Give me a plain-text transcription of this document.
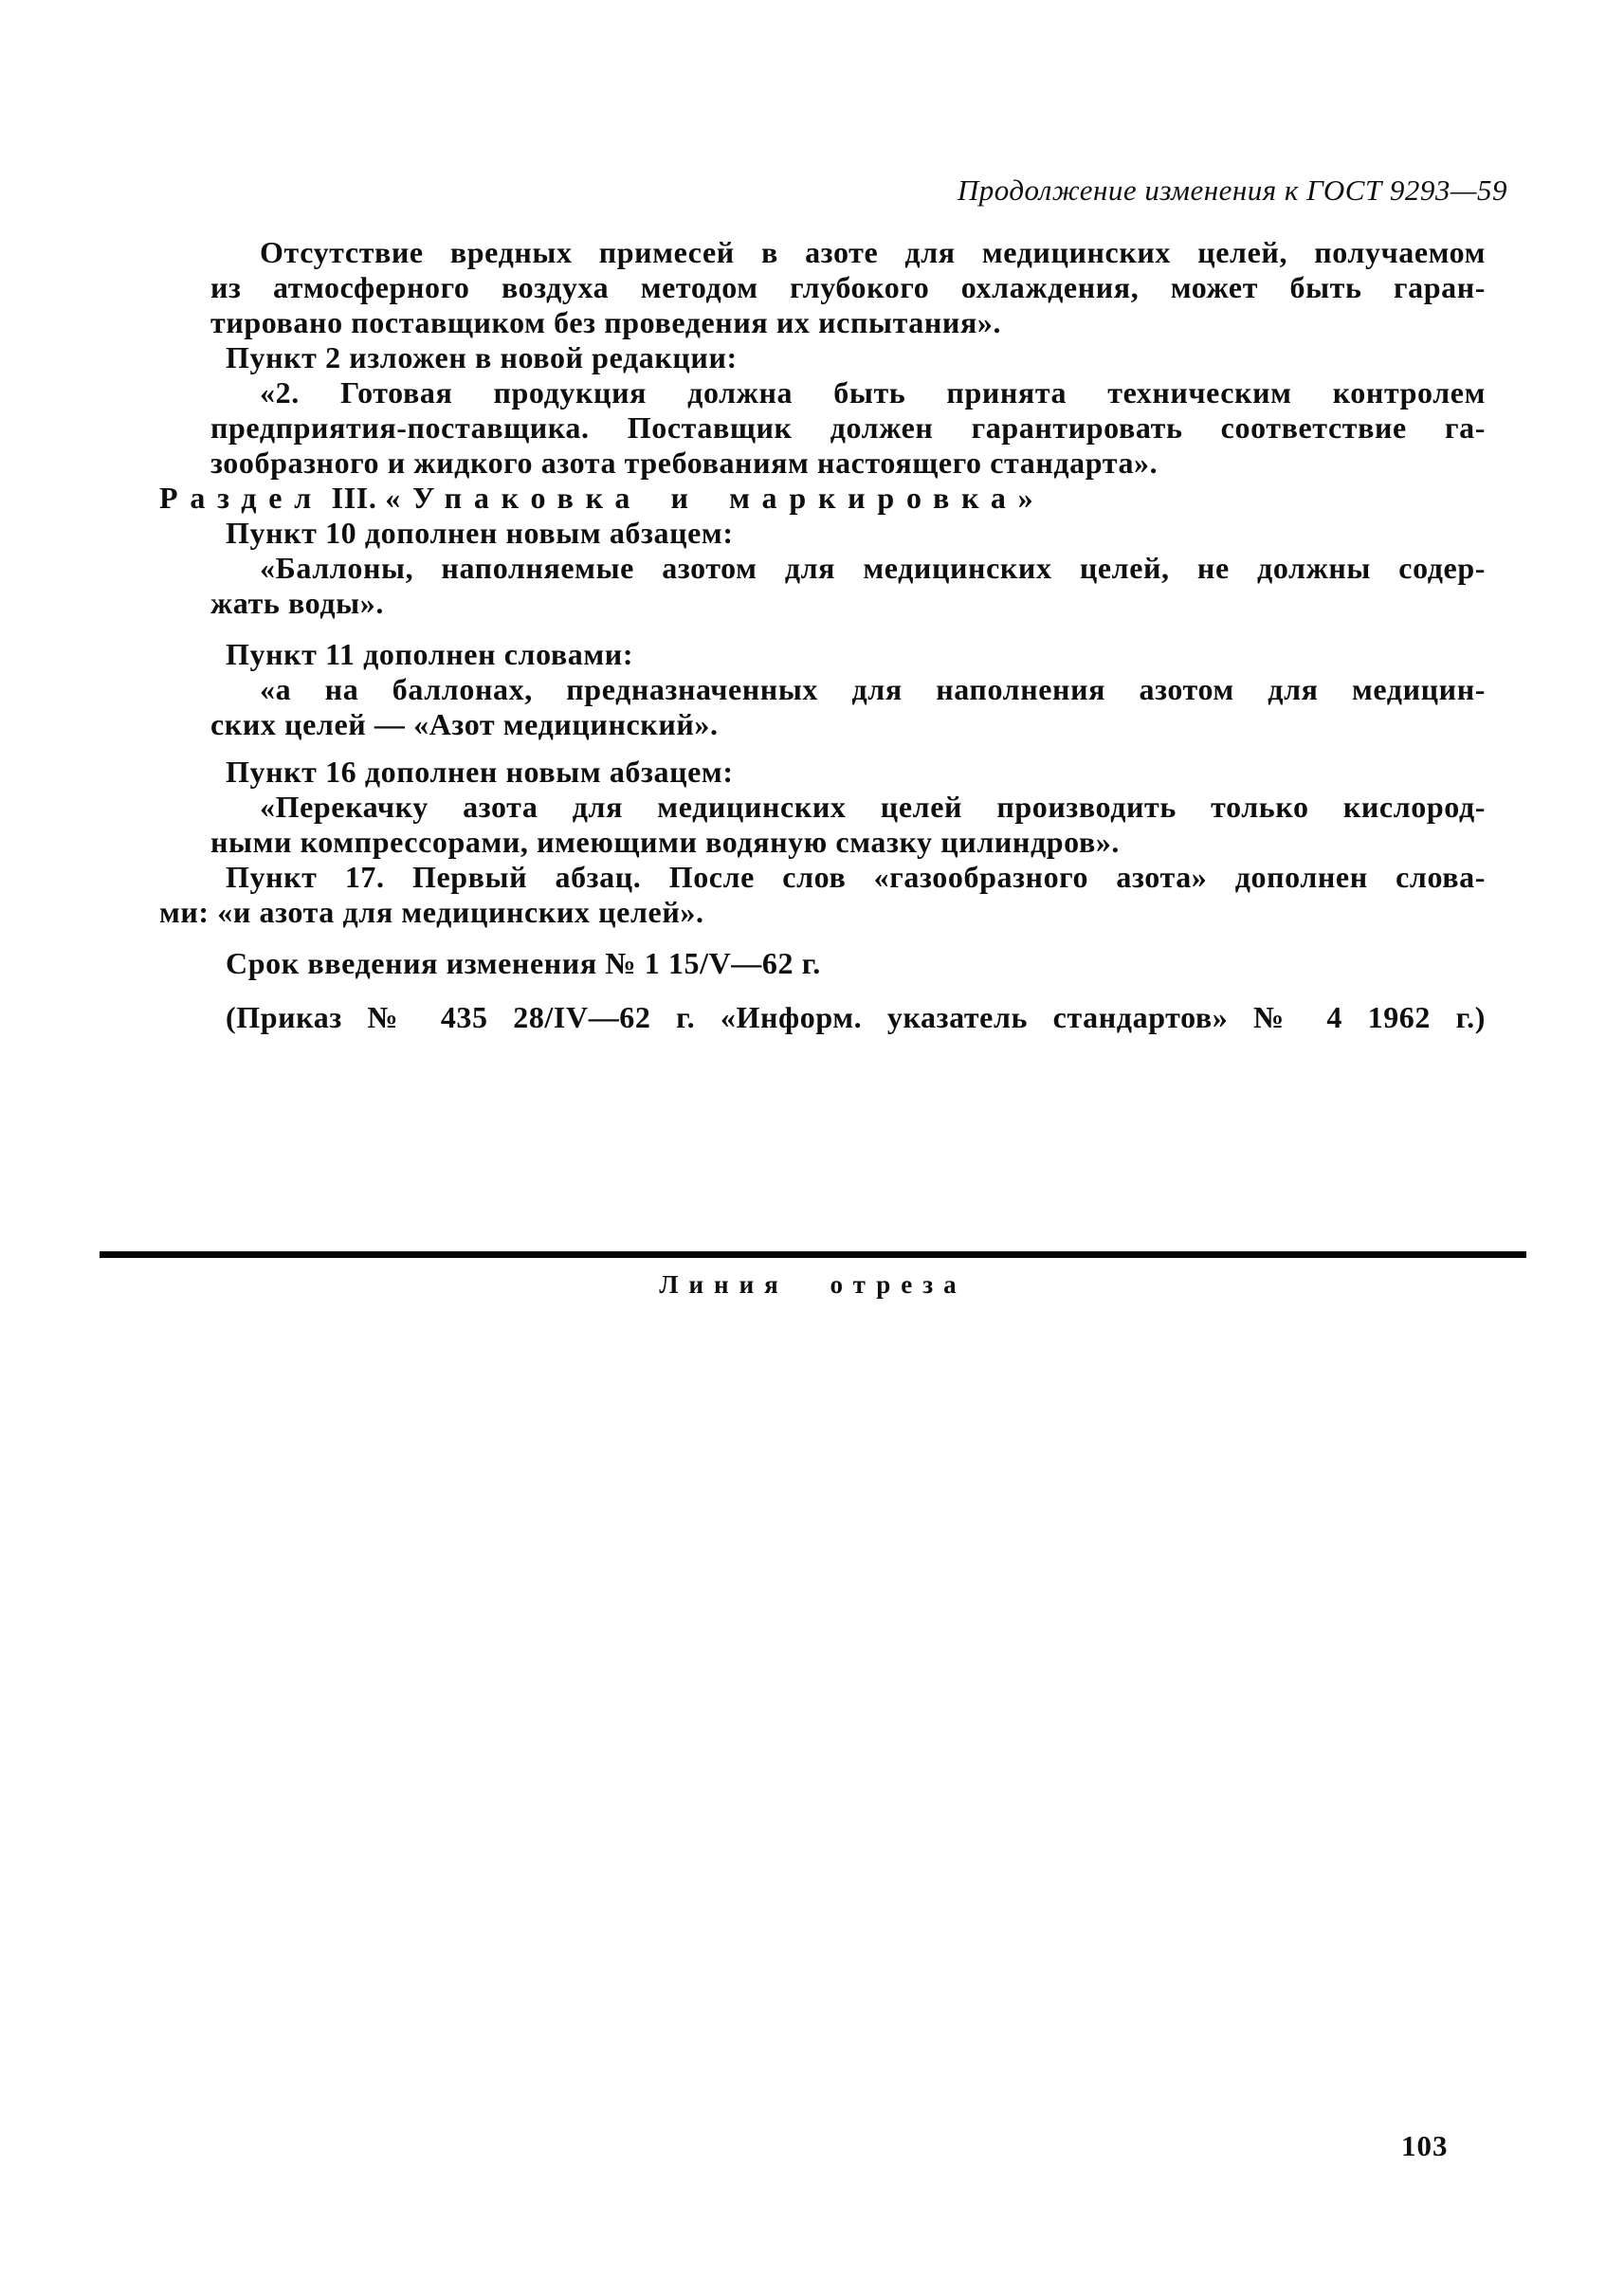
Продолжение изменения к ГОСТ 9293—59
Отсутствие вредных примесей в азоте для медицинских целей, получаемом
из атмосферного воздуха методом глубокого охлаждения, может быть гаран-
тировано поставщиком без проведения их испытания».
Пункт 2 изложен в новой редакции:
«2. Готовая продукция должна быть принята техническим контролем
предприятия-поставщика. Поставщик должен гарантировать соответствие га-
зообразного и жидкого азота требованиям настоящего стандарта».
Раздел III. «Упаковка и маркировка»
Пункт 10 дополнен новым абзацем:
«Баллоны, наполняемые азотом для медицинских целей, не должны содер-
жать воды».
Пункт 11 дополнен словами:
«а на баллонах, предназначенных для наполнения азотом для медицин-
ских целей — «Азот медицинский».
Пункт 16 дополнен новым абзацем:
«Перекачку азота для медицинских целей производить только кислород-
ными компрессорами, имеющими водяную смазку цилиндров».
Пункт 17. Первый абзац. После слов «газообразного азота» дополнен слова-
ми: «и азота для медицинских целей».
Срок введения изменения № 1 15/V—62 г.
(Приказ № 435 28/IV—62 г. «Информ. указатель стандартов» № 4 1962 г.)
Линия отреза
103
